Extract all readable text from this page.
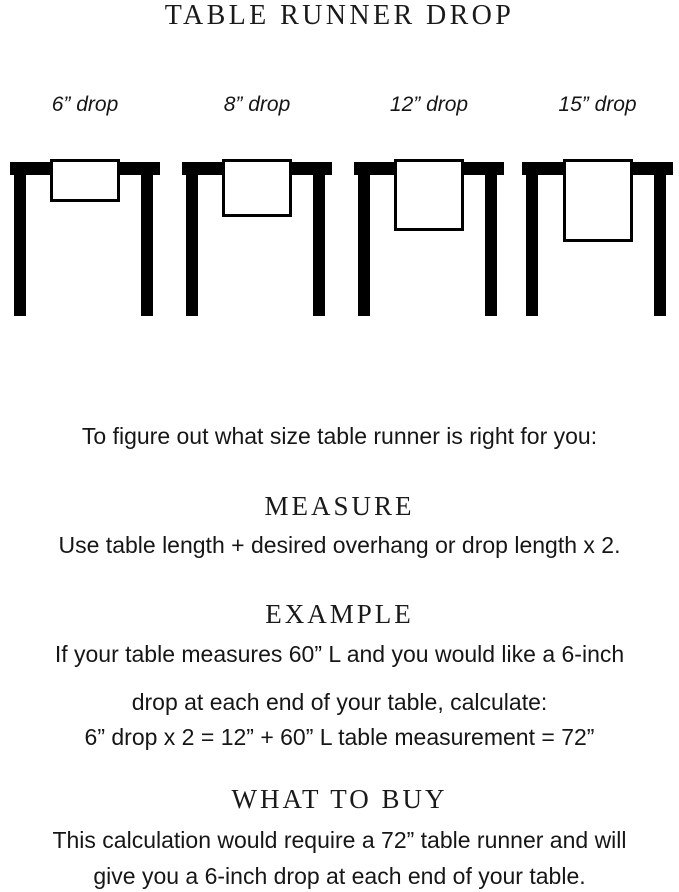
TABLE RUNNER DROP
6” drop	8” drop	12” drop	15” drop
To figure out what size table runner is right for you:
MEASURE
Use table length + desired overhang or drop length x 2.
EXAMPLE
If your table measures 60” L and you would like a 6-inch
drop at each end of your table, calculate:
6” drop x 2 = 12” + 60” L table measurement = 72”
WHAT TO BUY
This calculation would require a 72” table runner and will
give you a 6-inch drop at each end of your table.
